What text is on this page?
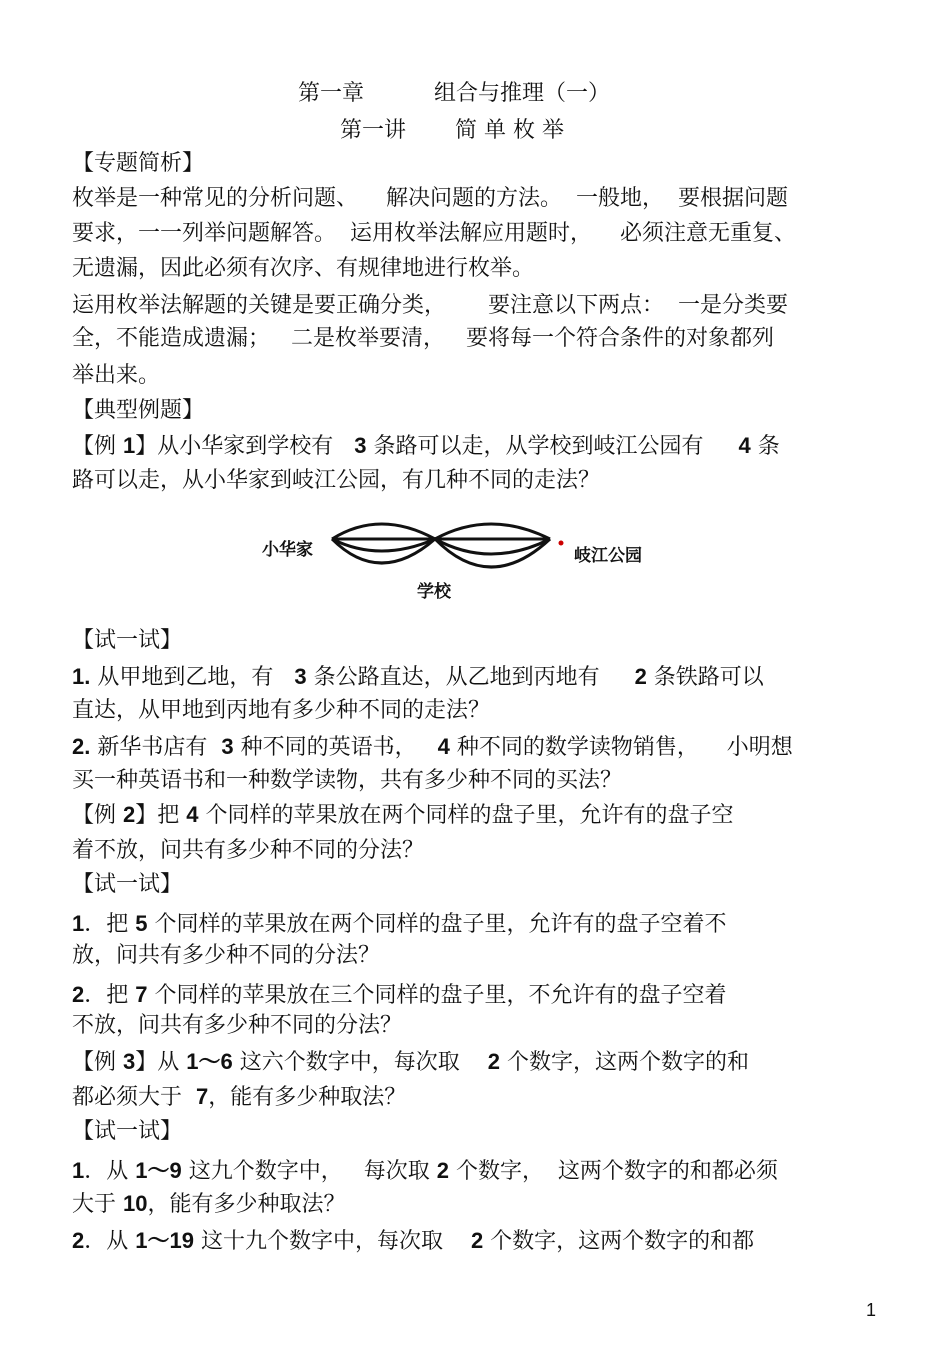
第一章	组合与推理（一）
第一讲 简 单 枚 举

【专题简析】

枚举是一种常见的分析问题、    解决问题的方法。  一般地，  要根据问题

要求，一一列举问题解答。  运用枚举法解应用题时，    必须注意无重复、

无遗漏，因此必须有次序、有规律地进行枚举。

运用枚举法解题的关键是要正确分类，      要注意以下两点：  一是分类要

全，不能造成遗漏；   二是枚举要清，   要将每一个符合条件的对象都列

举出来。

【典型例题】

【例 1】从小华家到学校有   3 条路可以走，从学校到岐江公园有     4 条

路可以走，从小华家到岐江公园，有几种不同的走法？

小华家	岐江公园
学校

【试一试】

1. 从甲地到乙地，有   3 条公路直达，从乙地到丙地有     2 条铁路可以

直达，从甲地到丙地有多少种不同的走法？

2. 新华书店有  3 种不同的英语书，   4 种不同的数学读物销售，    小明想

买一种英语书和一种数学读物，共有多少种不同的买法？

【例 2】把 4 个同样的苹果放在两个同样的盘子里，允许有的盘子空

着不放，问共有多少种不同的分法？

【试一试】

1．把 5 个同样的苹果放在两个同样的盘子里，允许有的盘子空着不

放，问共有多少种不同的分法？

2．把 7 个同样的苹果放在三个同样的盘子里，不允许有的盘子空着

不放，问共有多少种不同的分法？

【例 3】从 1～6 这六个数字中，每次取    2 个数字，这两个数字的和

都必须大于  7，能有多少种取法？

【试一试】

1．从 1～9 这九个数字中，   每次取 2 个数字，  这两个数字的和都必须

大于 10，能有多少种取法？

2．从 1～19 这十九个数字中，每次取    2 个数字，这两个数字的和都

1
